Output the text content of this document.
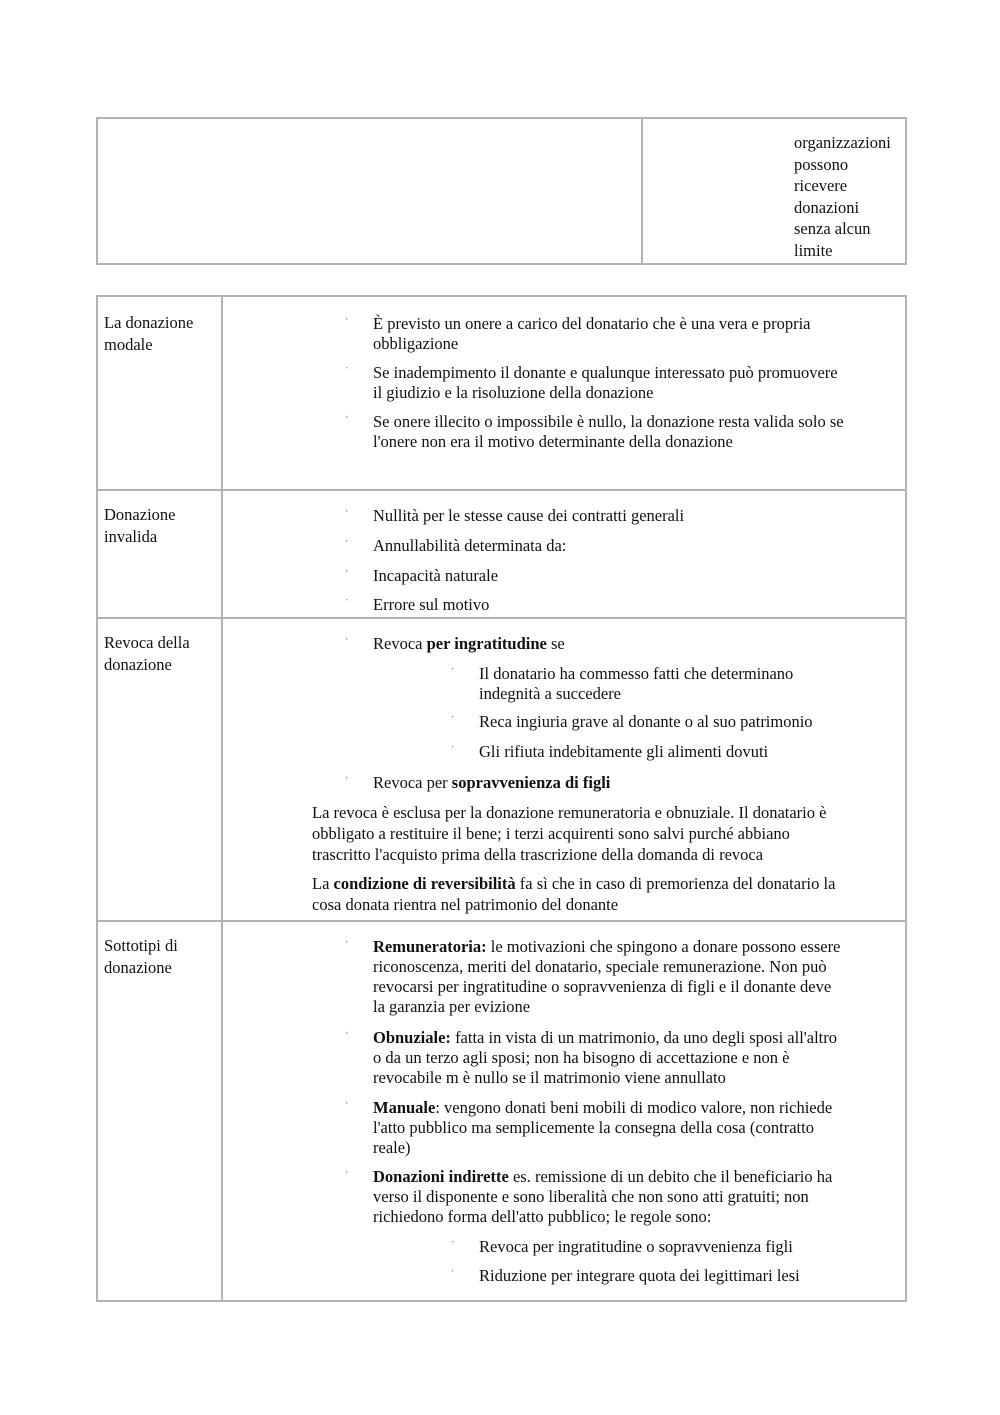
organizzazioni
possono
ricevere
donazioni
senza alcun
limite
La donazione
modale
ˈ È previsto un onere a carico del donatario che è una vera e propria
obbligazione
ˈ Se inadempimento il donante e qualunque interessato può promuovere
il giudizio e la risoluzione della donazione
ˈ Se onere illecito o impossibile è nullo, la donazione resta valida solo se
l'onere non era il motivo determinante della donazione
Donazione
invalida
ˈ Nullità per le stesse cause dei contratti generali
ˈ Annullabilità determinata da:
ˈ Incapacità naturale
ˈ Errore sul motivo
Revoca della
donazione
ˈ Revoca per ingratitudine se
ˈ Il donatario ha commesso fatti che determinano
indegnità a succedere
ˈ Reca ingiuria grave al donante o al suo patrimonio
ˈ Gli rifiuta indebitamente gli alimenti dovuti
ˈ Revoca per sopravvenienza di figli
La revoca è esclusa per la donazione remuneratoria e obnuziale. Il donatario è
obbligato a restituire il bene; i terzi acquirenti sono salvi purché abbiano
trascritto l'acquisto prima della trascrizione della domanda di revoca
La condizione di reversibilità fa sì che in caso di premorienza del donatario la
cosa donata rientra nel patrimonio del donante
Sottotipi di
donazione
ˈ Remuneratoria: le motivazioni che spingono a donare possono essere
riconoscenza, meriti del donatario, speciale remunerazione. Non può
revocarsi per ingratitudine o sopravvenienza di figli e il donante deve
la garanzia per evizione
ˈ Obnuziale: fatta in vista di un matrimonio, da uno degli sposi all'altro
o da un terzo agli sposi; non ha bisogno di accettazione e non è
revocabile m è nullo se il matrimonio viene annullato
ˈ Manuale: vengono donati beni mobili di modico valore, non richiede
l'atto pubblico ma semplicemente la consegna della cosa (contratto
reale)
ˈ Donazioni indirette es. remissione di un debito che il beneficiario ha
verso il disponente e sono liberalità che non sono atti gratuiti; non
richiedono forma dell'atto pubblico; le regole sono:
ˈ Revoca per ingratitudine o sopravvenienza figli
ˈ Riduzione per integrare quota dei legittimari lesi
